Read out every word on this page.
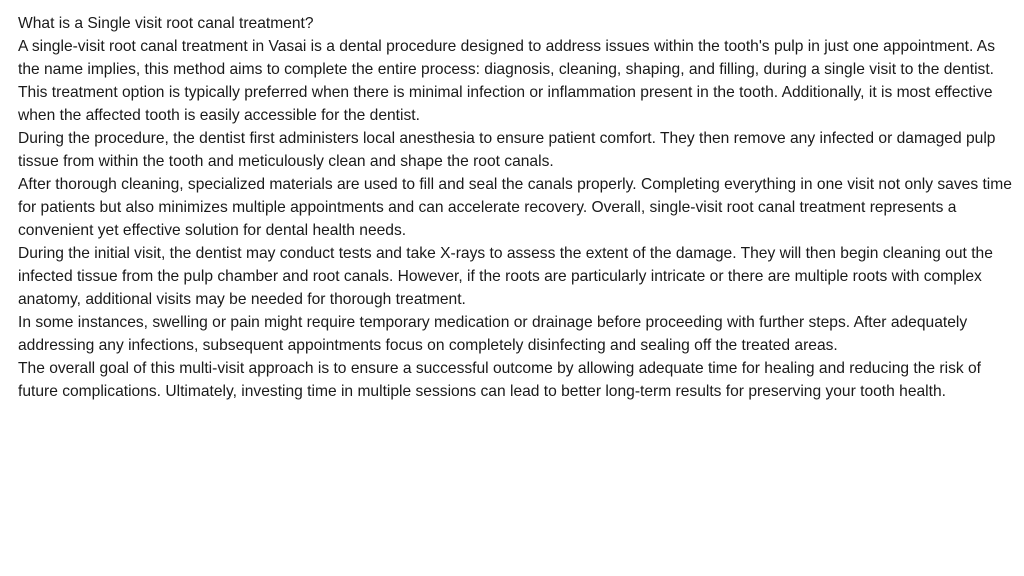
What is a Single visit root canal treatment?

A single-visit root canal treatment in Vasai is a dental procedure designed to address issues within the tooth's pulp in just one appointment. As the name implies, this method aims to complete the entire process: diagnosis, cleaning, shaping, and filling, during a single visit to the dentist.

This treatment option is typically preferred when there is minimal infection or inflammation present in the tooth. Additionally, it is most effective when the affected tooth is easily accessible for the dentist.

During the procedure, the dentist first administers local anesthesia to ensure patient comfort. They then remove any infected or damaged pulp tissue from within the tooth and meticulously clean and shape the root canals.

After thorough cleaning, specialized materials are used to fill and seal the canals properly. Completing everything in one visit not only saves time for patients but also minimizes multiple appointments and can accelerate recovery. Overall, single-visit root canal treatment represents a convenient yet effective solution for dental health needs.

During the initial visit, the dentist may conduct tests and take X-rays to assess the extent of the damage. They will then begin cleaning out the infected tissue from the pulp chamber and root canals. However, if the roots are particularly intricate or there are multiple roots with complex anatomy, additional visits may be needed for thorough treatment.

In some instances, swelling or pain might require temporary medication or drainage before proceeding with further steps. After adequately addressing any infections, subsequent appointments focus on completely disinfecting and sealing off the treated areas.

The overall goal of this multi-visit approach is to ensure a successful outcome by allowing adequate time for healing and reducing the risk of future complications. Ultimately, investing time in multiple sessions can lead to better long-term results for preserving your tooth health.
